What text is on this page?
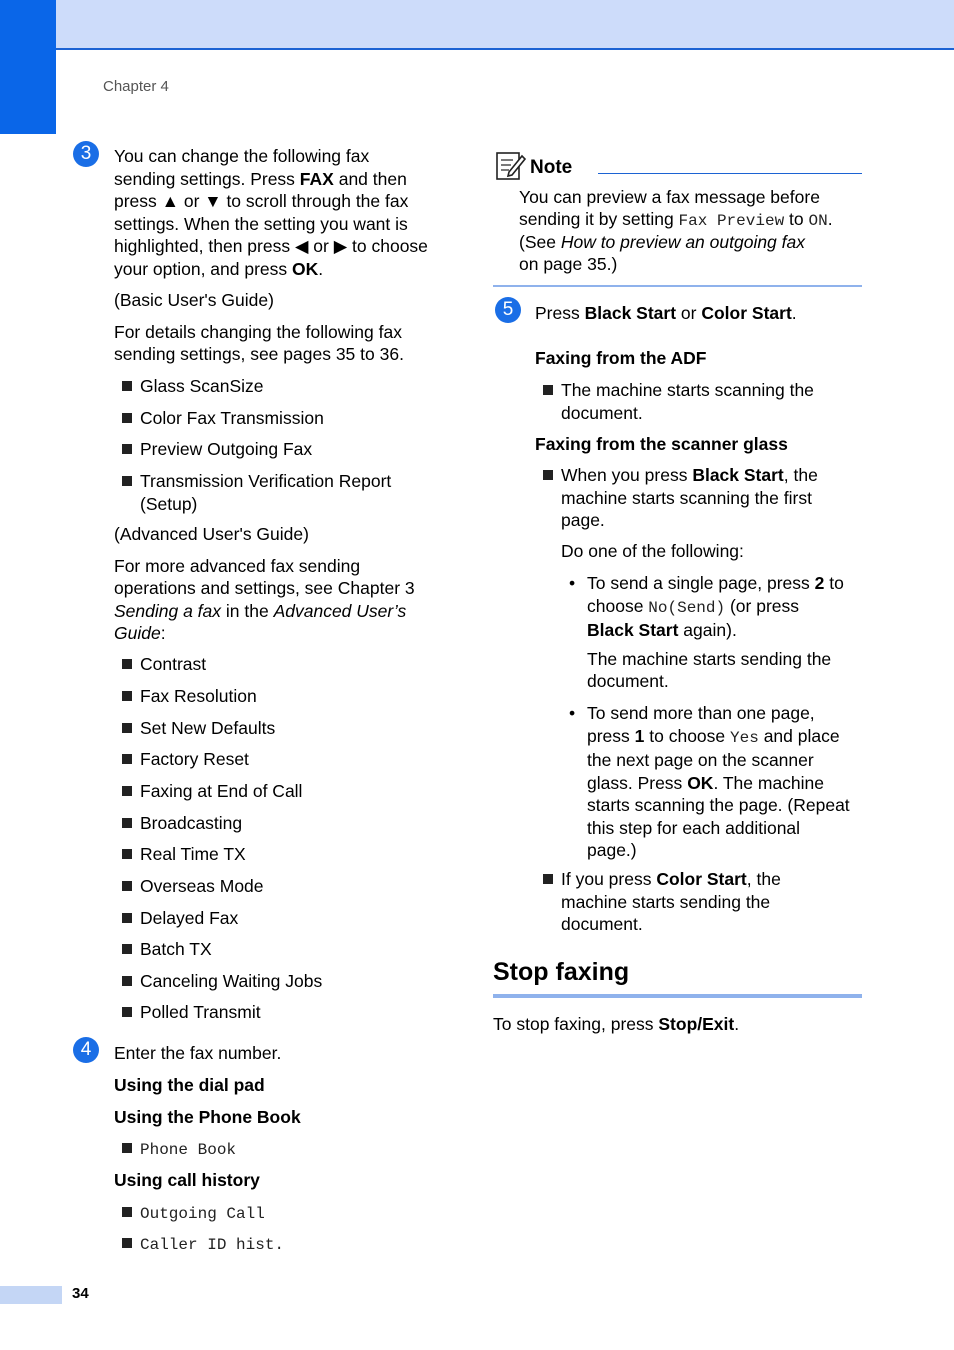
Chapter 4
3	You can change the following fax

sending settings. Press FAX and then

press ▲ or ▼ to scroll through the fax

settings. When the setting you want is

highlighted, then press ◀ or ▶ to choose

your option, and press OK.

(Basic User's Guide)

For details changing the following fax

sending settings, see pages 35 to 36.

Glass ScanSize
Color Fax Transmission
Preview Outgoing Fax
Transmission Verification Report
(Setup)

(Advanced User's Guide)

For more advanced fax sending

operations and settings, see Chapter 3

Sending a fax in the Advanced User’s

Guide:

Contrast
Fax Resolution
Set New Defaults
Factory Reset
Faxing at End of Call
Broadcasting
Real Time TX
Overseas Mode
Delayed Fax
Batch TX
Canceling Waiting Jobs
Polled Transmit
4	Enter the fax number.

Using the dial pad

Using the Phone Book

Phone Book

Using call history

Outgoing Call
Caller ID hist.
Note

You can preview a fax message before

sending it by setting Fax Preview to ON.

(See How to preview an outgoing fax

on page 35.)

5	Press Black Start or Color Start.

Faxing from the ADF

The machine starts scanning the
document.

Faxing from the scanner glass

When you press Black Start, the
machine starts scanning the first
page.

Do one of the following:

• To send a single page, press 2 to
choose No(Send) (or press
Black Start again).

The machine starts sending the

document.

• To send more than one page,
press 1 to choose Yes and place
the next page on the scanner
glass. Press OK. The machine
starts scanning the page. (Repeat
this step for each additional
page.)
If you press Color Start, the
machine starts sending the
document.
Stop faxing

To stop faxing, press Stop/Exit.

34
